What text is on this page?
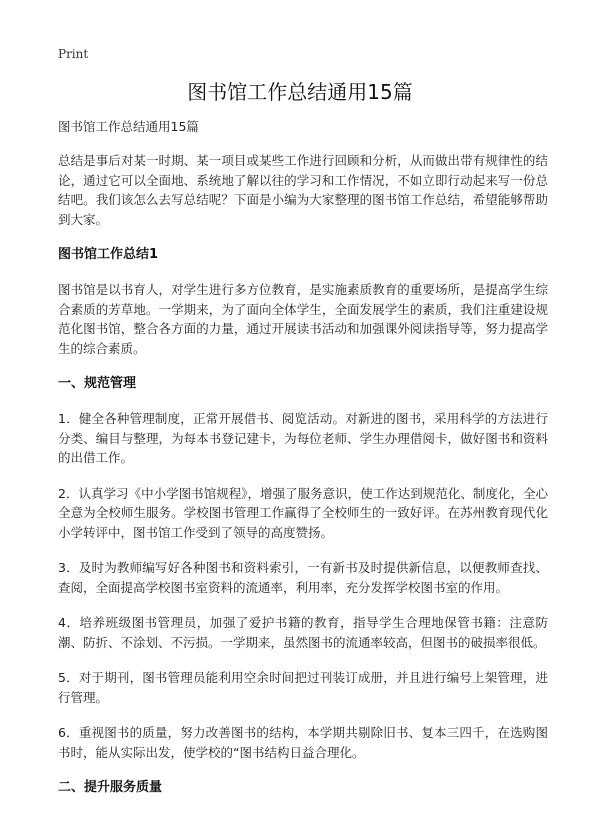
Print
图书馆工作总结通用15篇

图书馆工作总结通用15篇

总结是事后对某一时期、某一项目或某些工作进行回顾和分析，从而做出带有规律性的结论，通过它可以全面地、系统地了解以往的学习和工作情况，不如立即行动起来写一份总结吧。我们该怎么去写总结呢？下面是小编为大家整理的图书馆工作总结，希望能够帮助到大家。

图书馆工作总结1

图书馆是以书育人，对学生进行多方位教育，是实施素质教育的重要场所，是提高学生综合素质的芳草地。一学期来，为了面向全体学生，全面发展学生的素质，我们注重建设规范化图书馆，整合各方面的力量，通过开展读书活动和加强课外阅读指导等，努力提高学生的综合素质。

一、规范管理

1．健全各种管理制度，正常开展借书、阅览活动。对新进的图书，采用科学的方法进行分类、编目与整理，为每本书登记建卡，为每位老师、学生办理借阅卡，做好图书和资料的出借工作。

2．认真学习《中小学图书馆规程》，增强了服务意识，使工作达到规范化、制度化，全心全意为全校师生服务。学校图书管理工作赢得了全校师生的一致好评。在苏州教育现代化小学转评中，图书馆工作受到了领导的高度赞扬。

3．及时为教师编写好各种图书和资料索引，一有新书及时提供新信息，以便教师查找、查阅，全面提高学校图书室资料的流通率，利用率，充分发挥学校图书室的作用。

4．培养班级图书管理员，加强了爱护书籍的教育，指导学生合理地保管书籍：注意防潮、防折、不涂划、不污损。一学期来，虽然图书的流通率较高，但图书的破损率很低。

5．对于期刊，图书管理员能利用空余时间把过刊装订成册，并且进行编号上架管理，进行管理。

6．重视图书的质量，努力改善图书的结构，本学期共剔除旧书、复本三四千，在选购图书时，能从实际出发，使学校的“图书结构日益合理化。

二、提升服务质量
